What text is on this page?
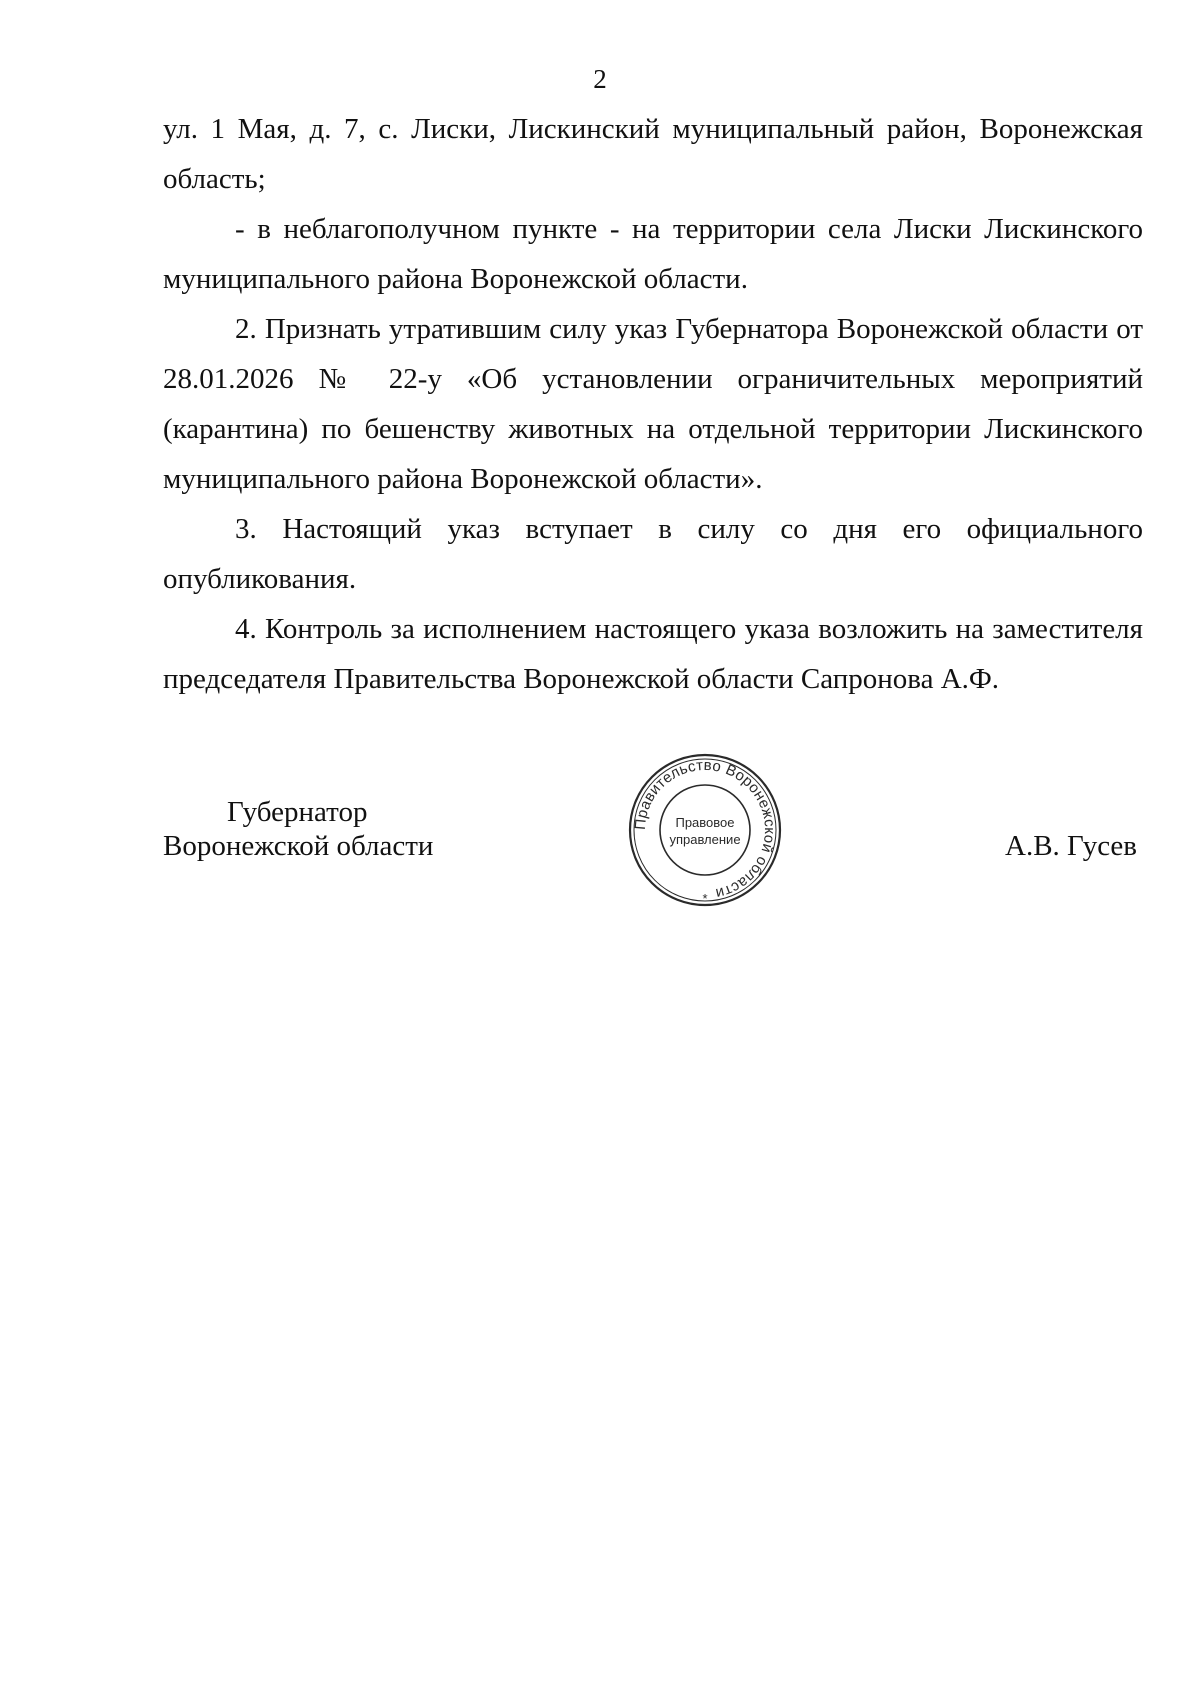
2

ул. 1 Мая, д. 7, с. Лиски, Лискинский муниципальный район, Воронежская область;

- в неблагополучном пункте - на территории села Лиски Лискинского муниципального района Воронежской области.

2. Признать утратившим силу указ Губернатора Воронежской области от 28.01.2026 № 22-у «Об установлении ограничительных мероприятий (карантина) по бешенству животных на отдельной территории Лискинского муниципального района Воронежской области».

3. Настоящий указ вступает в силу со дня его официального опубликования.

4. Контроль за исполнением настоящего указа возложить на заместителя председателя Правительства Воронежской области Сапронова А.Ф.

Правительство Воронежской области
Правовое
управление
*
Губернатор
Воронежской области	А.В. Гусев
